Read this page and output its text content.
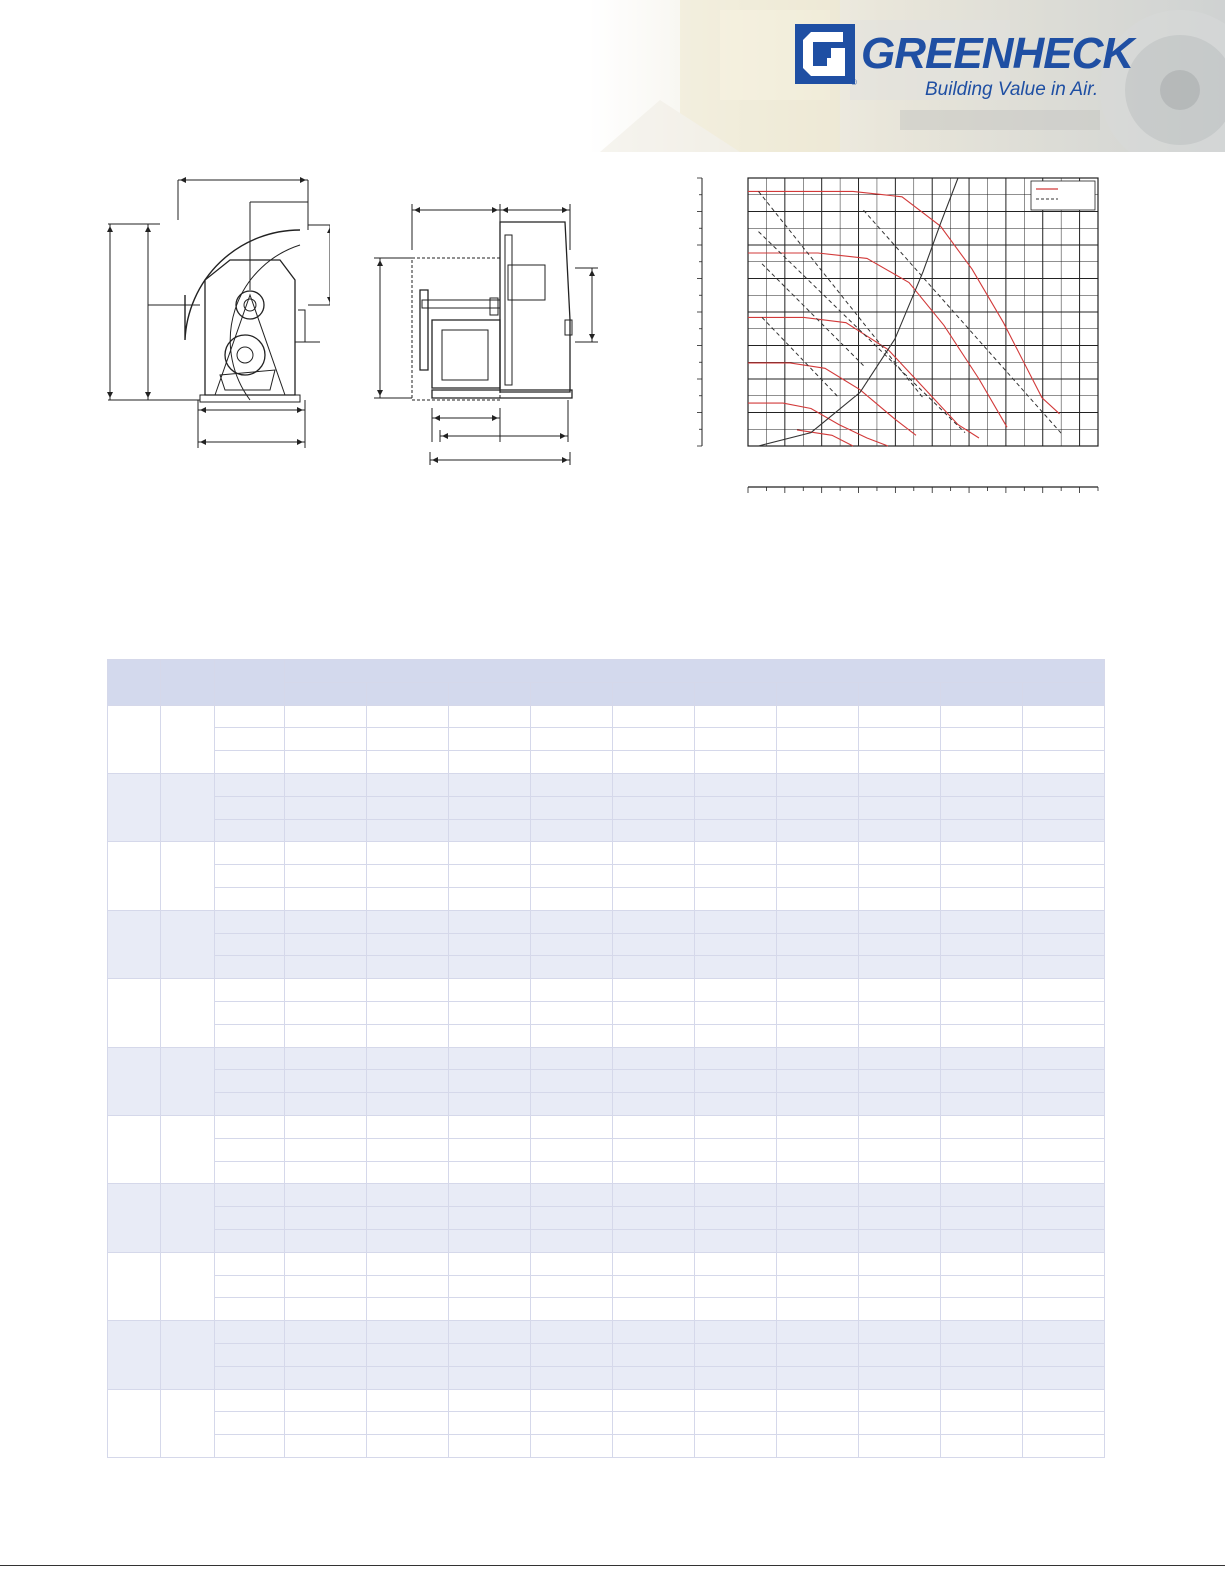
®
GREENHECK
Building Value in Air.
